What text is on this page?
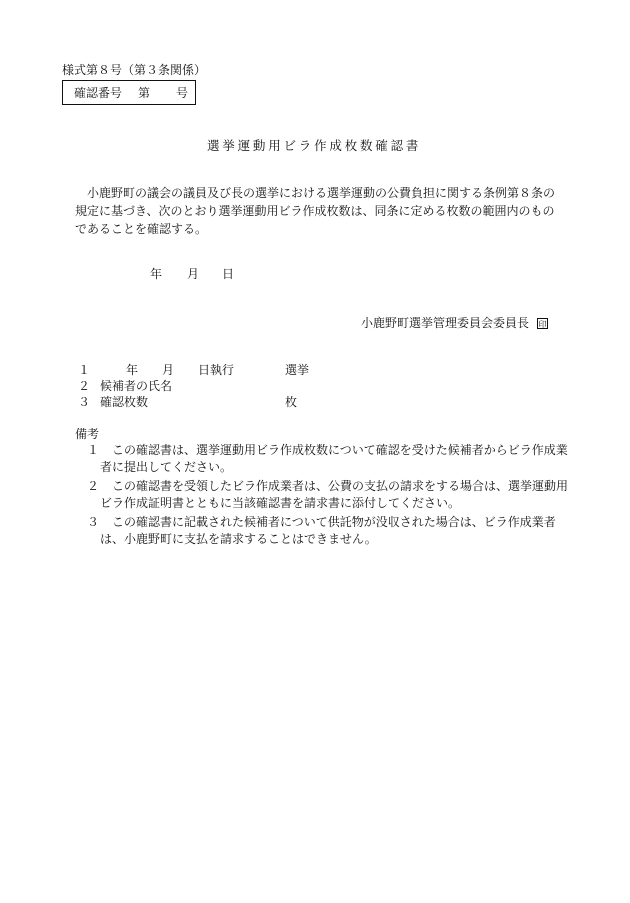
様式第８号（第３条関係）
確認番号 第 号
選挙運動用ビラ作成枚数確認書

小鹿野町の議会の議員及び長の選挙における選挙運動の公費負担に関する条例第８条の

規定に基づき、次のとおり選挙運動用ビラ作成枚数は、同条に定める枚数の範囲内のもの

であることを確認する。

年 月 日
小鹿野町選挙管理委員会委員長 印
１	年 月 日執行	選挙
２ 候補者の氏名
３ 確認枚数	枚
備考
１	この確認書は、選挙運動用ビラ作成枚数について確認を受けた候補者からビラ作成業者に提出してください。
２	この確認書を受領したビラ作成業者は、公費の支払の請求をする場合は、選挙運動用ビラ作成証明書とともに当該確認書を請求書に添付してください。
３	この確認書に記載された候補者について供託物が没収された場合は、ビラ作成業者は、小鹿野町に支払を請求することはできません。
